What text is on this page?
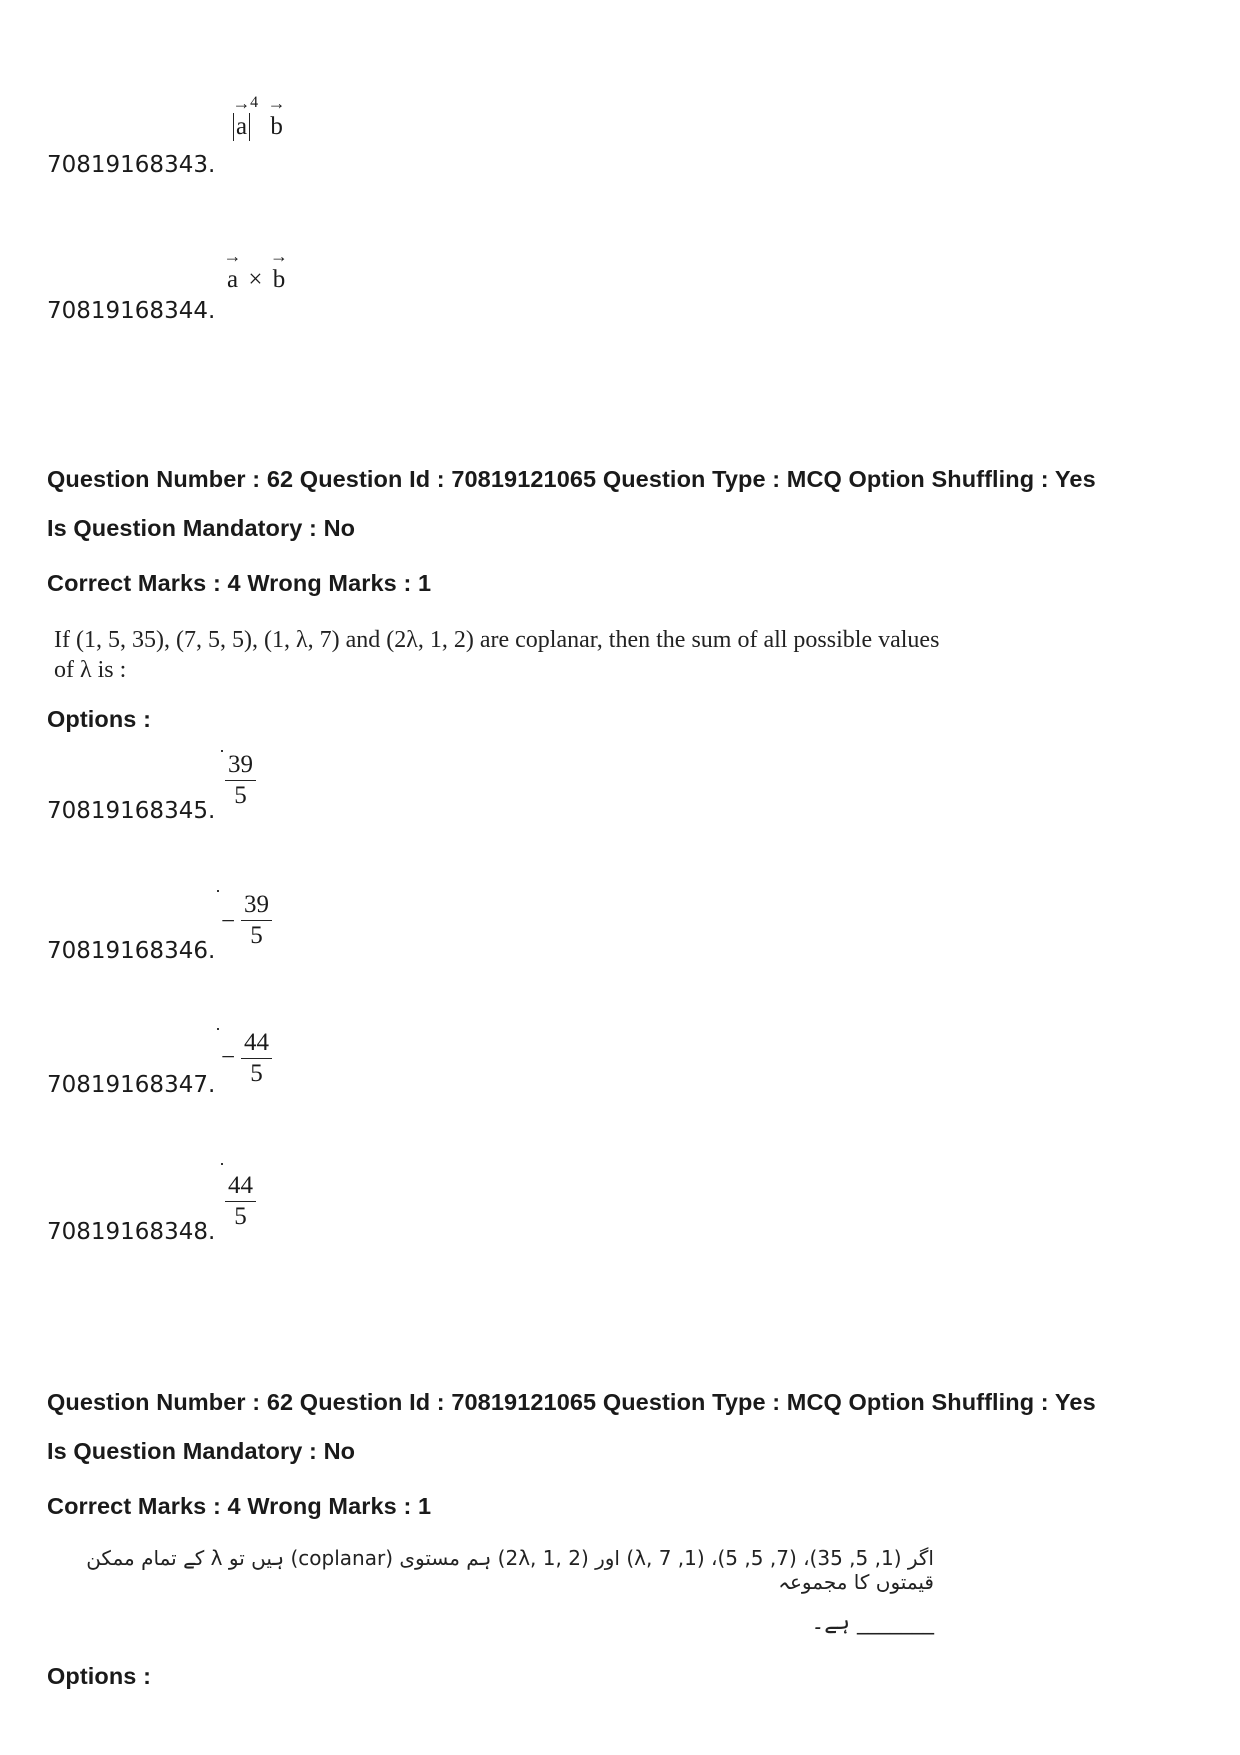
70819168343.
→
$a^4$ →
b
70819168344.
→
a ×
→
b
Question Number : 62 Question Id : 70819121065 Question Type : MCQ Option Shuffling : Yes
Is Question Mandatory : No
Correct Marks : 4 Wrong Marks : 1
If (1, 5, 35), (7, 5, 5), (1, λ, 7) and (2λ, 1, 2) are coplanar, then the sum of all possible values
of λ is :
Options :
70819168345. $\frac{39}{5}$
70819168346.
− $\frac{39}{5}$
70819168347.
− $\frac{44}{5}$
70819168348. $\frac{44}{5}$
Question Number : 62 Question Id : 70819121065 Question Type : MCQ Option Shuffling : Yes
Is Question Mandatory : No
Correct Marks : 4 Wrong Marks : 1
اگر (1, 5, 35)، (7, 5, 5)، (1, λ, 7) اور (2λ, 1, 2) ہم مستوی (coplanar) ہیں تو λ کے تمام ممکن قیمتوں کا مجموعہ
_______ ہے۔
Options :
